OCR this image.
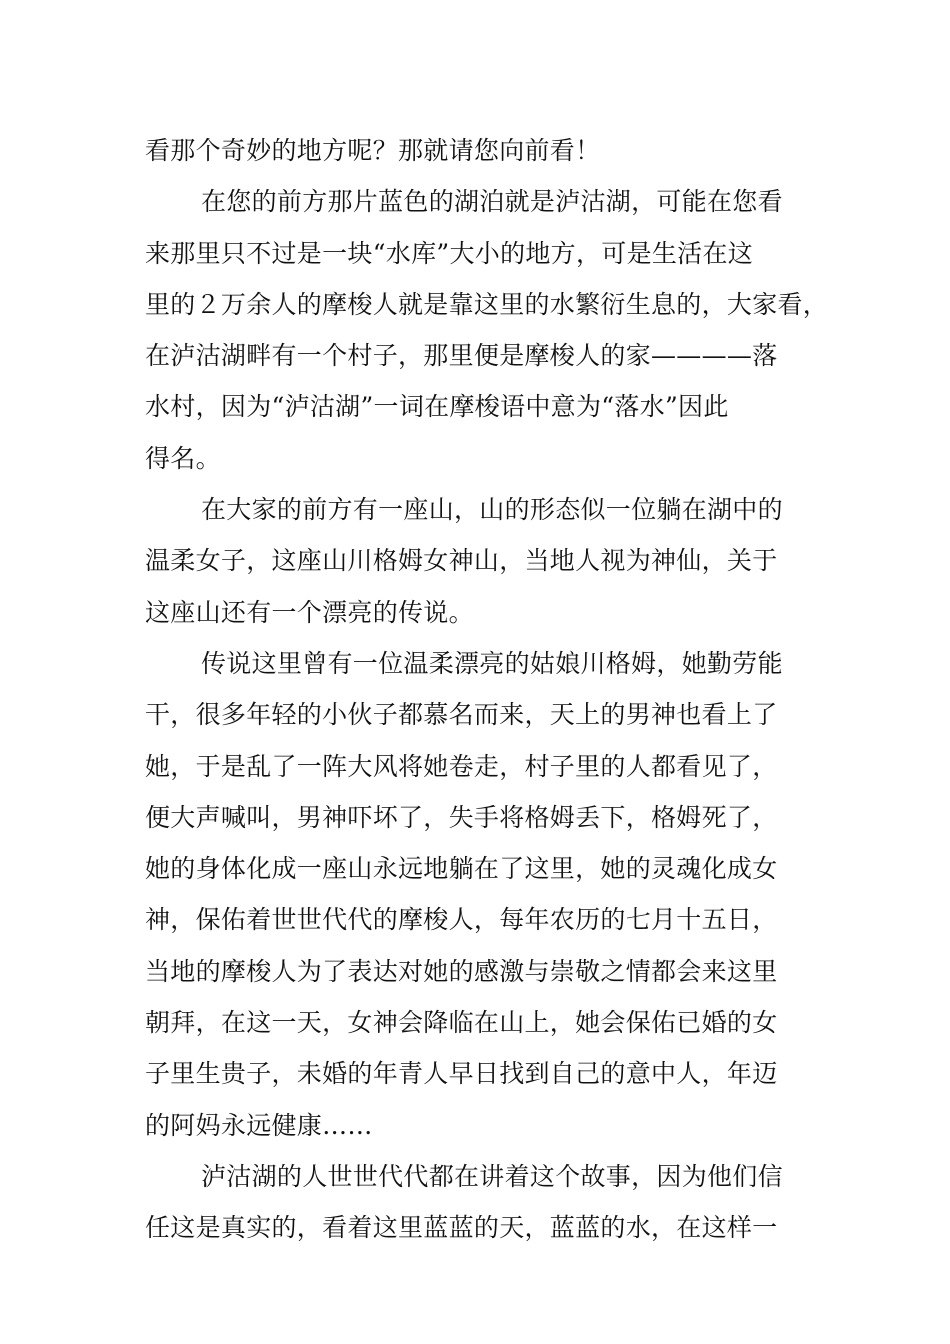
看那个奇妙的地方呢？那就请您向前看！
在您的前方那片蓝色的湖泊就是泸沽湖，可能在您看
来那里只不过是一块“水库”大小的地方，可是生活在这
里的２万余人的摩梭人就是靠这里的水繁衍生息的，大家看，
在泸沽湖畔有一个村子，那里便是摩梭人的家————落
水村，因为“泸沽湖”一词在摩梭语中意为“落水”因此
得名。
在大家的前方有一座山，山的形态似一位躺在湖中的
温柔女子，这座山川格姆女神山，当地人视为神仙，关于
这座山还有一个漂亮的传说。
传说这里曾有一位温柔漂亮的姑娘川格姆，她勤劳能
干，很多年轻的小伙子都慕名而来，天上的男神也看上了
她，于是乱了一阵大风将她卷走，村子里的人都看见了，
便大声喊叫，男神吓坏了，失手将格姆丢下，格姆死了，
她的身体化成一座山永远地躺在了这里，她的灵魂化成女
神，保佑着世世代代的摩梭人，每年农历的七月十五日，
当地的摩梭人为了表达对她的感激与崇敬之情都会来这里
朝拜，在这一天，女神会降临在山上，她会保佑已婚的女
子里生贵子，未婚的年青人早日找到自己的意中人，年迈
的阿妈永远健康……
泸沽湖的人世世代代都在讲着这个故事，因为他们信
任这是真实的，看着这里蓝蓝的天，蓝蓝的水，在这样一
